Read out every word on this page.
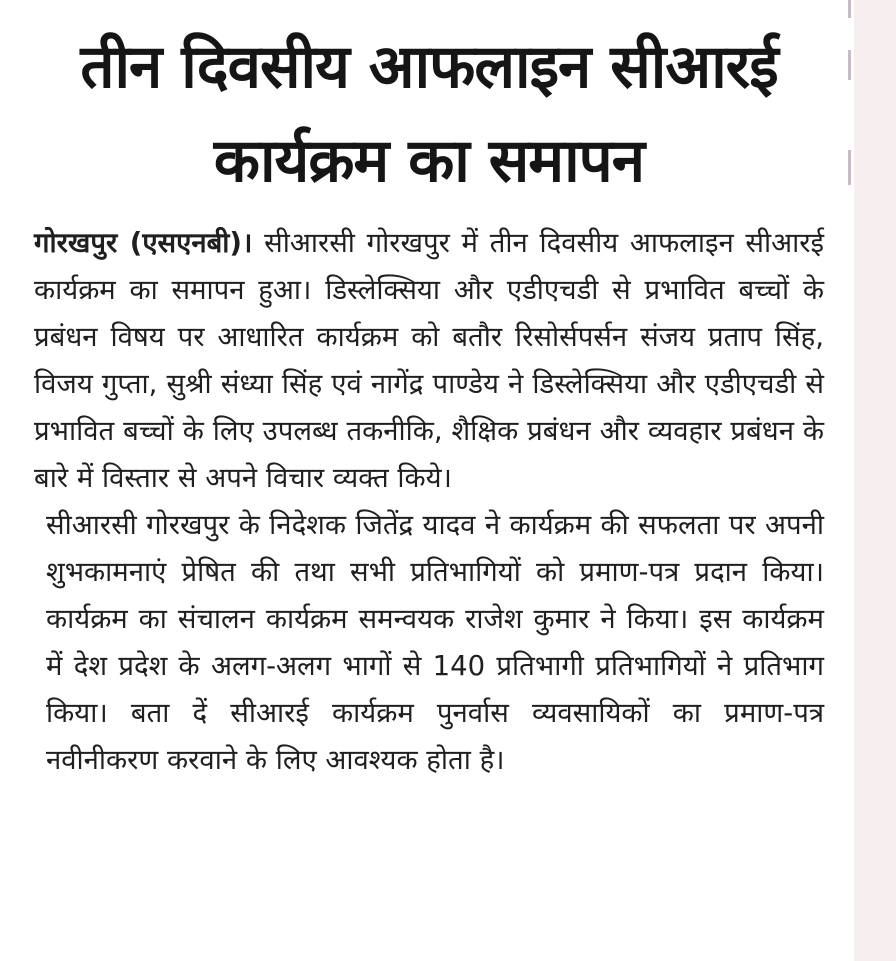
तीन दिवसीय आफलाइन सीआरई
कार्यक्रम का समापन

गोरखपुर (एसएनबी)। सीआरसी गोरखपुर में तीन दिवसीय आफलाइन सीआरई कार्यक्रम का समापन हुआ। डिस्लेक्सिया और एडीएचडी से प्रभावित बच्चों के प्रबंधन विषय पर आधारित कार्यक्रम को बतौर रिसोर्सपर्सन संजय प्रताप सिंह, विजय गुप्ता, सुश्री संध्या सिंह एवं नागेंद्र पाण्डेय ने डिस्लेक्सिया और एडीएचडी से प्रभावित बच्चों के लिए उपलब्ध तकनीकि, शैक्षिक प्रबंधन और व्यवहार प्रबंधन के बारे में विस्तार से अपने विचार व्यक्त किये।

सीआरसी गोरखपुर के निदेशक जितेंद्र यादव ने कार्यक्रम की सफलता पर अपनी शुभकामनाएं प्रेषित की तथा सभी प्रतिभागियों को प्रमाण-पत्र प्रदान किया। कार्यक्रम का संचालन कार्यक्रम समन्वयक राजेश कुमार ने किया। इस कार्यक्रम में देश प्रदेश के अलग-अलग भागों से 140 प्रतिभागी प्रतिभागियों ने प्रतिभाग किया। बता दें सीआरई कार्यक्रम पुनर्वास व्यवसायिकों का प्रमाण-पत्र नवीनीकरण करवाने के लिए आवश्यक होता है।
